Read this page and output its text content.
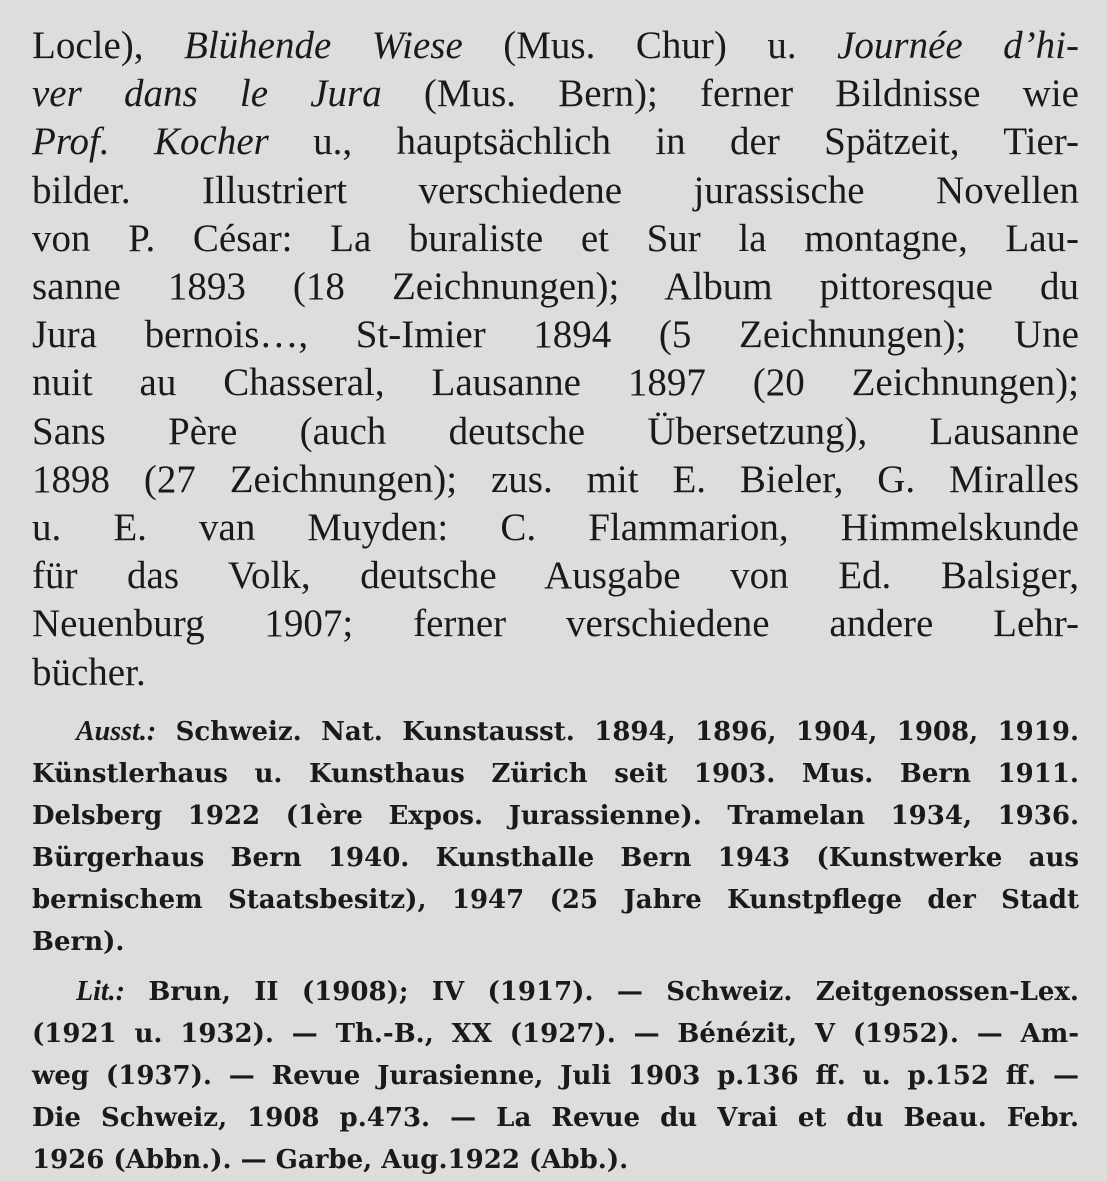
Locle), Blühende Wiese (Mus. Chur) u. Journée d’hi-
ver dans le Jura (Mus. Bern); ferner Bildnisse wie
Prof. Kocher u., hauptsächlich in der Spätzeit, Tier-
bilder. Illustriert verschiedene jurassische Novellen
von P. César: La buraliste et Sur la montagne, Lau-
sanne 1893 (18 Zeichnungen); Album pittoresque du
Jura bernois…, St-Imier 1894 (5 Zeichnungen); Une
nuit au Chasseral, Lausanne 1897 (20 Zeichnungen);
Sans Père (auch deutsche Übersetzung), Lausanne
1898 (27 Zeichnungen); zus. mit E. Bieler, G. Miralles
u. E. van Muyden: C. Flammarion, Himmelskunde
für das Volk, deutsche Ausgabe von Ed. Balsiger,
Neuenburg 1907; ferner verschiedene andere Lehr-
bücher.
Ausst.: Schweiz. Nat. Kunstausst. 1894, 1896, 1904, 1908, 1919.
Künstlerhaus u. Kunsthaus Zürich seit 1903. Mus. Bern 1911.
Delsberg 1922 (1ère Expos. Jurassienne). Tramelan 1934, 1936.
Bürgerhaus Bern 1940. Kunsthalle Bern 1943 (Kunstwerke aus
bernischem Staatsbesitz), 1947 (25 Jahre Kunstpflege der Stadt
Bern).
Lit.: Brun, II (1908); IV (1917). — Schweiz. Zeitgenossen-Lex.
(1921 u. 1932). — Th.-B., XX (1927). — Bénézit, V (1952). — Am-
weg (1937). — Revue Jurasienne, Juli 1903 p.136 ff. u. p.152 ff. —
Die Schweiz, 1908 p.473. — La Revue du Vrai et du Beau. Febr.
1926 (Abbn.). — Garbe, Aug.1922 (Abb.).
